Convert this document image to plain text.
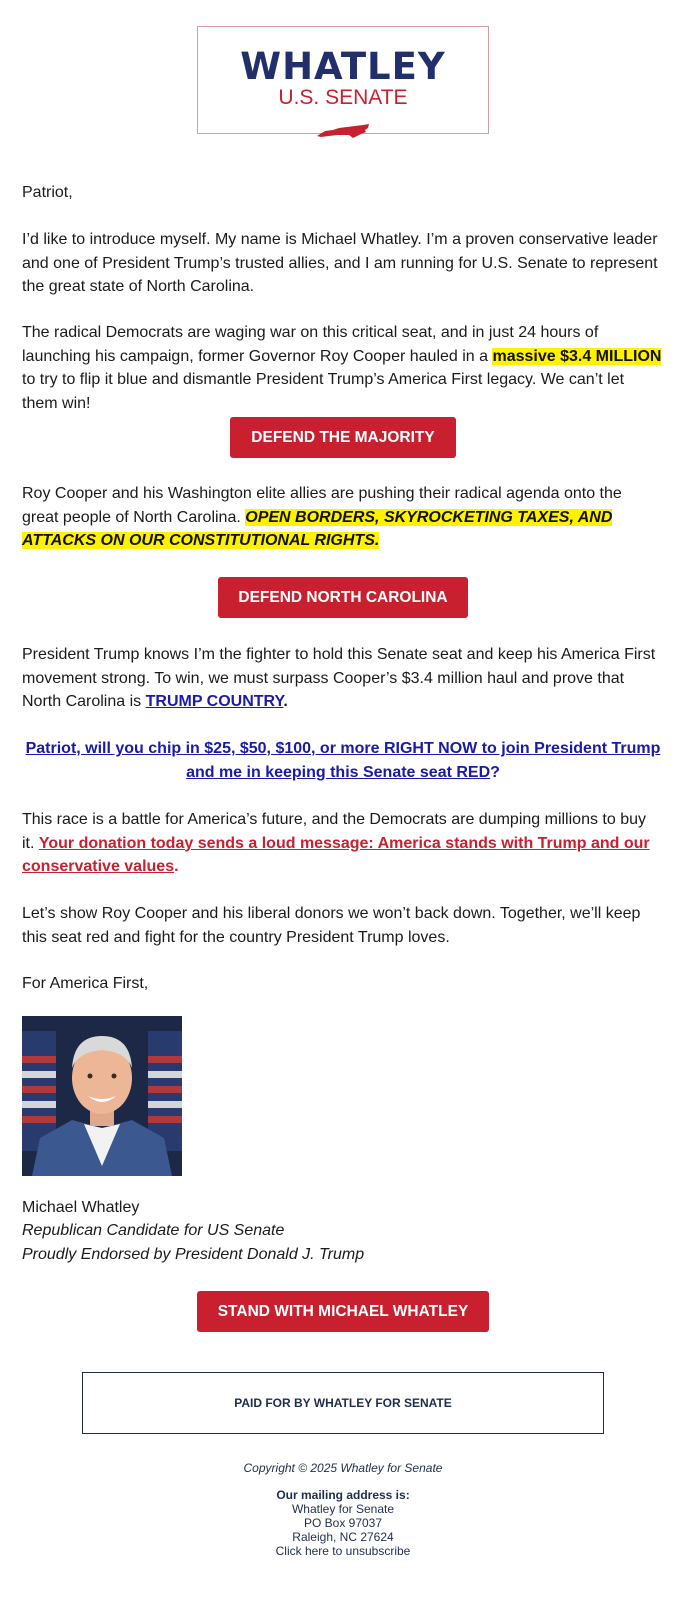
WHATLEY
U.S. SENATE

Patriot,

I’d like to introduce myself. My name is Michael Whatley. I’m a proven conservative leader and one of President Trump’s trusted allies, and I am running for U.S. Senate to represent the great state of North Carolina.

The radical Democrats are waging war on this critical seat, and in just 24 hours of launching his campaign, former Governor Roy Cooper hauled in a massive $3.4 MILLION to try to flip it blue and dismantle President Trump’s America First legacy. We can’t let them win!

DEFEND THE MAJORITY

Roy Cooper and his Washington elite allies are pushing their radical agenda onto the great people of North Carolina. OPEN BORDERS, SKYROCKETING TAXES, AND ATTACKS ON OUR CONSTITUTIONAL RIGHTS.

DEFEND NORTH CAROLINA

President Trump knows I’m the fighter to hold this Senate seat and keep his America First movement strong. To win, we must surpass Cooper’s $3.4 million haul and prove that North Carolina is TRUMP COUNTRY.

Patriot, will you chip in $25, $50, $100, or more RIGHT NOW to join President Trump and me in keeping this Senate seat RED?

This race is a battle for America’s future, and the Democrats are dumping millions to buy it. Your donation today sends a loud message: America stands with Trump and our conservative values.

Let’s show Roy Cooper and his liberal donors we won’t back down. Together, we’ll keep this seat red and fight for the country President Trump loves.

For America First,

Michael Whatley

Republican Candidate for US Senate

Proudly Endorsed by President Donald J. Trump

STAND WITH MICHAEL WHATLEY
PAID FOR BY WHATLEY FOR SENATE
Copyright © 2025 Whatley for Senate
Our mailing address is:
Whatley for Senate
PO Box 97037
Raleigh, NC 27624
Click here to unsubscribe
